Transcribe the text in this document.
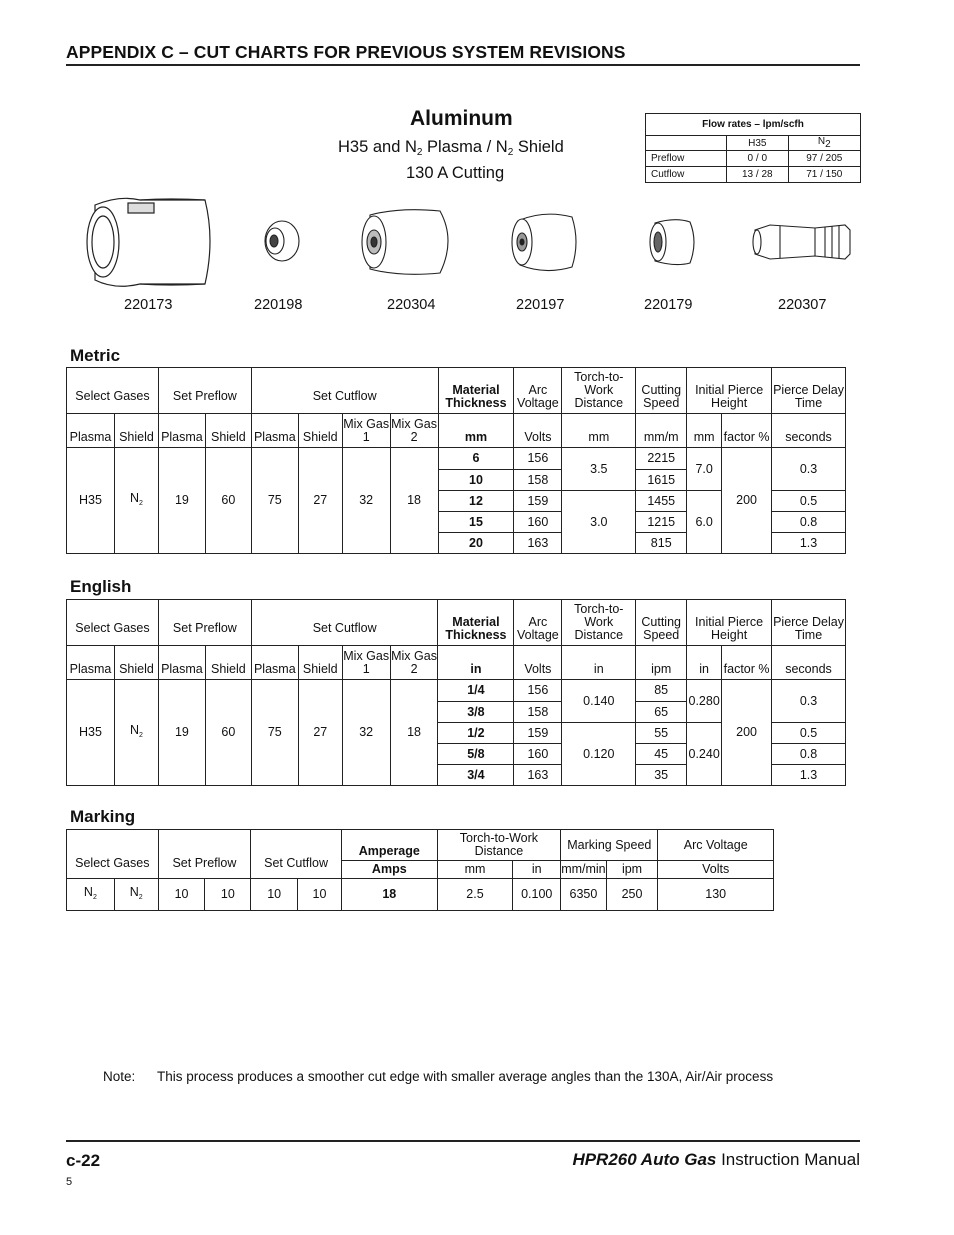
APPENDIX C – CUT CHARTS FOR PREVIOUS SYSTEM REVISIONS
Aluminum
H35 and $N_2$ Plasma / $N_2$ Shield
130 A Cutting
Flow rates – lpm/scfh		
	H35	$N_2$
Preflow	0 / 0	97 / 205
Cutflow	13 / 28	71 / 150
220173	220198	220304	220197	220179	220307
Metric
Select Gases		Set Preflow		Set Cutflow				Material Thickness	Arc Voltage	Torch-to- Work Distance	Cutting Speed	Initial Pierce Height		Pierce Delay Time
Plasma	Shield	Plasma	Shield	Plasma	Shield	Mix Gas 1	Mix Gas 2	mm	Volts	mm	mm/m	mm	factor %	seconds
H35	$N_2$	19	60	75	27	32	18	6	156	3.5	2215	7.0	200	0.3
								10	158		1615			
								12	159	3.0	1455	6.0		0.5
								15	160		1215			0.8
								20	163		815			1.3
English
Select Gases		Set Preflow		Set Cutflow				Material Thickness	Arc Voltage	Torch-to- Work Distance	Cutting Speed	Initial Pierce Height		Pierce Delay Time
Plasma	Shield	Plasma	Shield	Plasma	Shield	Mix Gas 1	Mix Gas 2	in	Volts	in	ipm	in	factor %	seconds
H35	$N_2$	19	60	75	27	32	18	1/4	156	0.140	85	0.280	200	0.3
								3/8	158		65			
								1/2	159	0.120	55	0.240		0.5
								5/8	160		45			0.8
								3/4	163		35			1.3
Marking
Select Gases		Set Preflow		Set Cutflow		Amperage	Torch-to-Work Distance		Marking Speed		Arc Voltage
						Amps	mm	in	mm/min	ipm	Volts
$N_2$	$N_2$	10	10	10	10	18	2.5	0.100	6350	250	130
Note: This process produces a smoother cut edge with smaller average angles than the 130A, Air/Air process
c-22
5
HPR260 Auto Gas Instruction Manual
